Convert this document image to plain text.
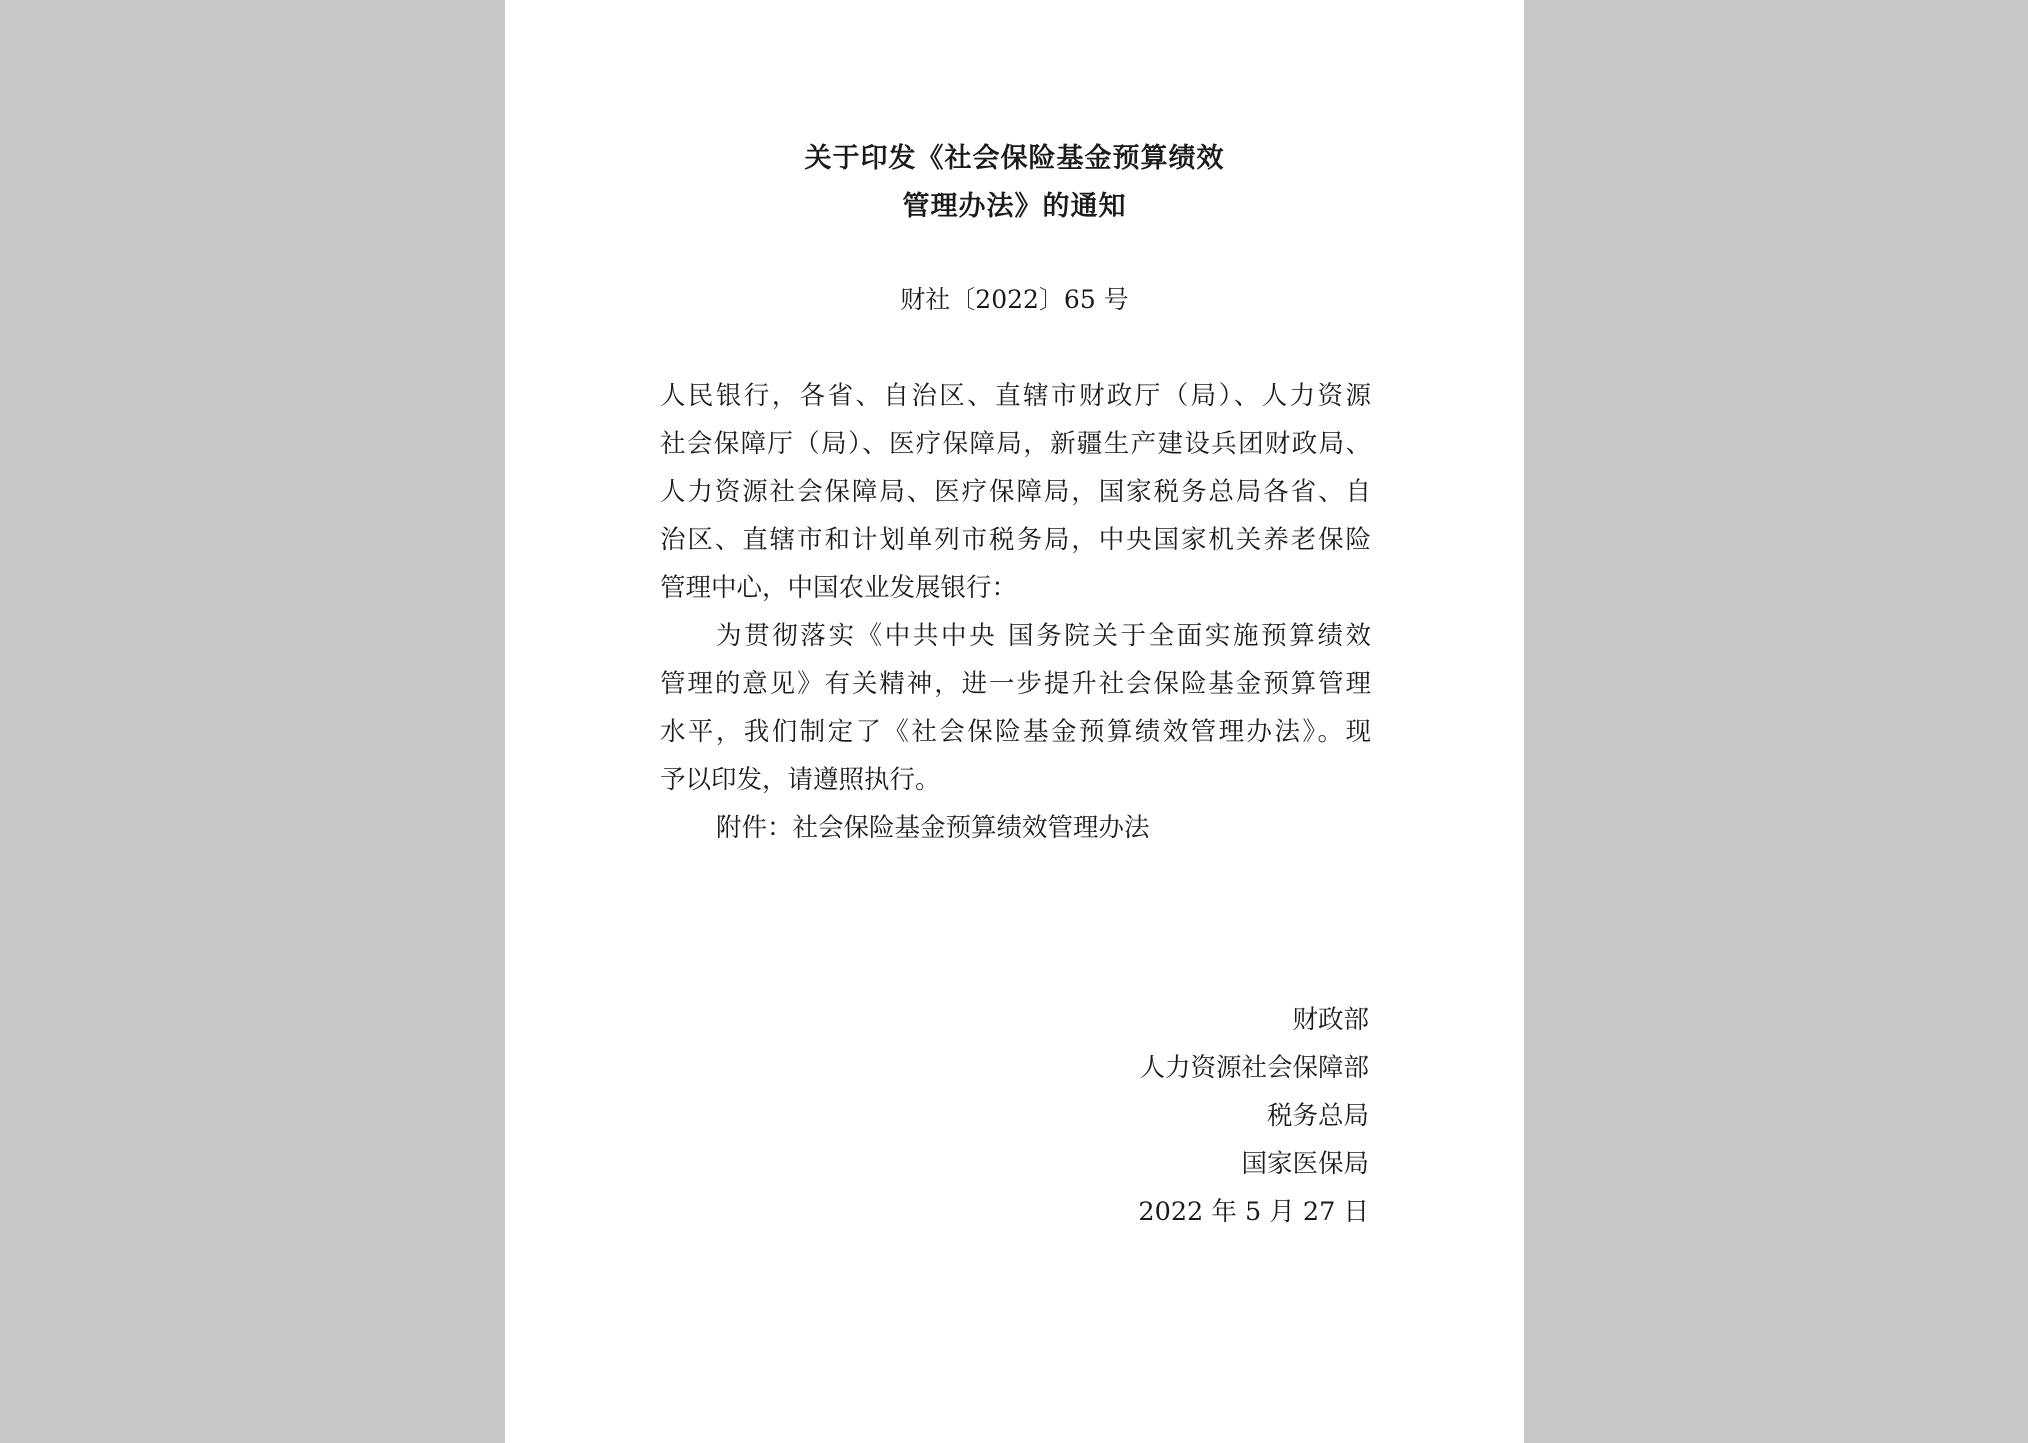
关于印发《社会保险基金预算绩效
管理办法》的通知
财社〔2022〕65 号
人民银行，各省、自治区、直辖市财政厅（局）、人力资源
社会保障厅（局）、医疗保障局，新疆生产建设兵团财政局、
人力资源社会保障局、医疗保障局，国家税务总局各省、自
治区、直辖市和计划单列市税务局，中央国家机关养老保险
管理中心，中国农业发展银行：
为贯彻落实《中共中央 国务院关于全面实施预算绩效
管理的意见》有关精神，进一步提升社会保险基金预算管理
水平，我们制定了《社会保险基金预算绩效管理办法》。现
予以印发，请遵照执行。
附件：社会保险基金预算绩效管理办法
财政部
人力资源社会保障部
税务总局
国家医保局
2022 年 5 月 27 日
